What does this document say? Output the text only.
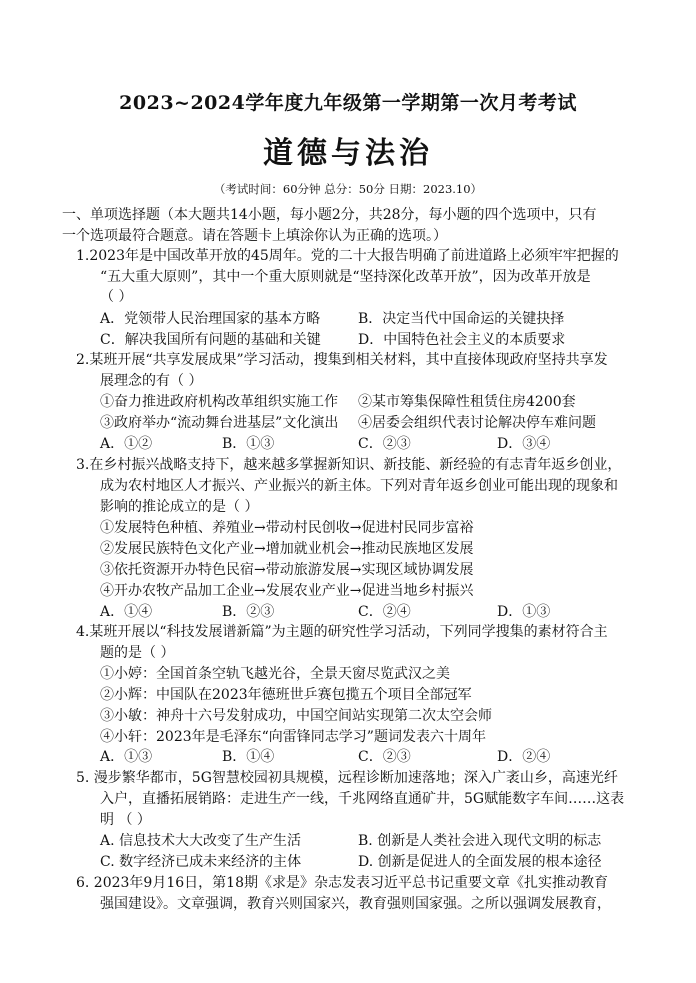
2023~2024学年度九年级第一学期第一次月考考试
道德与法治
（考试时间：60分钟 总分：50分 日期：2023.10）
一、单项选择题（本大题共14小题，每小题2分，共28分，每小题的四个选项中，只有
一个选项最符合题意。请在答题卡上填涂你认为正确的选项。）
1.2023年是中国改革开放的45周年。党的二十大报告明确了前进道路上必须牢牢把握的
“五大重大原则”，其中一个重大原则就是“坚持深化改革开放”，因为改革开放是
（ ）
A．党领带人民治理国家的基本方略	B．决定当代中国命运的关键抉择
C．解决我国所有问题的基础和关键	D．中国特色社会主义的本质要求
2.某班开展“共享发展成果”学习活动，搜集到相关材料，其中直接体现政府坚持共享发
展理念的有（ ）
①奋力推进政府机构改革组织实施工作 ②某市筹集保障性租赁住房4200套
③政府举办“流动舞台进基层”文化演出 ④居委会组织代表讨论解决停车难问题
A．①②	B．①③	C．②③	D．③④
3.在乡村振兴战略支持下，越来越多掌握新知识、新技能、新经验的有志青年返乡创业，
成为农村地区人才振兴、产业振兴的新主体。下列对青年返乡创业可能出现的现象和
影响的推论成立的是（ ）
①发展特色种植、养殖业→带动村民创收→促进村民同步富裕
②发展民族特色文化产业→增加就业机会→推动民族地区发展
③依托资源开办特色民宿→带动旅游发展→实现区域协调发展
④开办农牧产品加工企业→发展农业产业→促进当地乡村振兴
A．①④	B．②③	C．②④	D．①③
4.某班开展以“科技发展谱新篇”为主题的研究性学习活动，下列同学搜集的素材符合主
题的是（ ）
①小婷：全国首条空轨飞越光谷，全景天窗尽览武汉之美
②小辉：中国队在2023年德班世乒赛包揽五个项目全部冠军
③小敏：神舟十六号发射成功，中国空间站实现第二次太空会师
④小轩：2023年是毛泽东“向雷锋同志学习”题词发表六十周年
A．①③	B．①④	C．②③	D．②④
5. 漫步繁华都市，5G智慧校园初具规模，远程诊断加速落地；深入广袤山乡，高速光纤
入户，直播拓展销路：走进生产一线，千兆网络直通矿井，5G赋能数字车间……这表
明 （ ）
A. 信息技术大大改变了生产生活	B. 创新是人类社会进入现代文明的标志
C. 数字经济已成未来经济的主体	D. 创新是促进人的全面发展的根本途径
6. 2023年9月16日，第18期《求是》杂志发表习近平总书记重要文章《扎实推动教育
强国建设》。文章强调，教育兴则国家兴，教育强则国家强。之所以强调发展教育，
